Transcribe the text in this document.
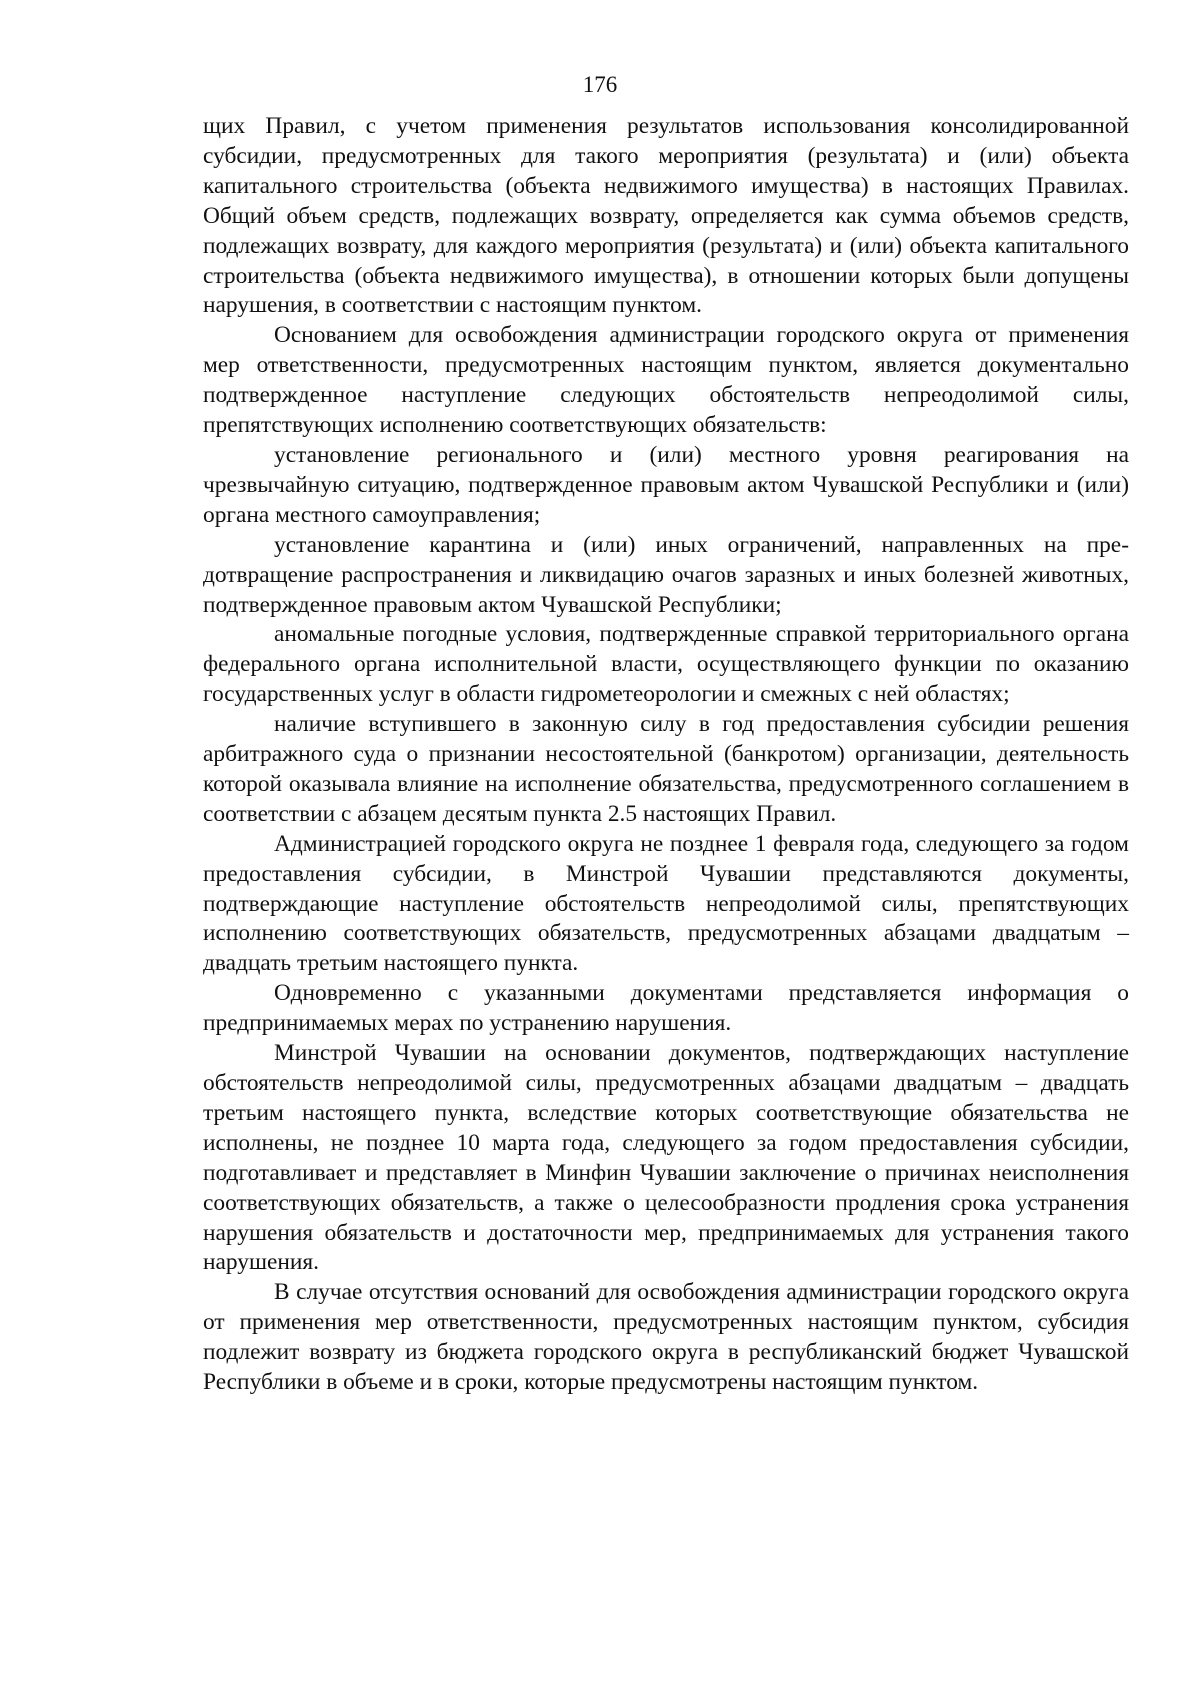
176

щих Правил, с учетом применения результатов использования консолидированной субсидии, предусмотренных для такого мероприятия (результата) и (или) объекта капитального строительства (объекта недвижимого имущества) в настоящих Правилах. Общий объем средств, подлежащих возврату, определяется как сумма объемов средств, подлежащих возврату, для каждого мероприятия (результата) и (или) объекта капитального строительства (объекта недвижимого имущества), в отношении которых были допущены нарушения, в соответствии с настоящим пунктом.

Основанием для освобождения администрации городского округа от применения мер ответственности, предусмотренных настоящим пунктом, является документально подтвержденное наступление следующих обстоятельств непреодолимой силы, препятствующих исполнению соответствующих обязательств:

установление регионального и (или) местного уровня реагирования на чрезвычайную ситуацию, подтвержденное правовым актом Чувашской Республики и (или) органа местного самоуправления;

установление карантина и (или) иных ограничений, направленных на предотвращение распространения и ликвидацию очагов заразных и иных болезней животных, подтвержденное правовым актом Чувашской Республики;

аномальные погодные условия, подтвержденные справкой территориального органа федерального органа исполнительной власти, осуществляющего функции по оказанию государственных услуг в области гидрометеорологии и смежных с ней областях;

наличие вступившего в законную силу в год предоставления субсидии решения арбитражного суда о признании несостоятельной (банкротом) организации, деятельность которой оказывала влияние на исполнение обязательства, предусмотренного соглашением в соответствии с абзацем десятым пункта 2.5 настоящих Правил.

Администрацией городского округа не позднее 1 февраля года, следующего за годом предоставления субсидии, в Минстрой Чувашии представляются документы, подтверждающие наступление обстоятельств непреодолимой силы, препятствующих исполнению соответствующих обязательств, предусмотренных абзацами двадцатым – двадцать третьим настоящего пункта.

Одновременно с указанными документами представляется информация о предпринимаемых мерах по устранению нарушения.

Минстрой Чувашии на основании документов, подтверждающих наступление обстоятельств непреодолимой силы, предусмотренных абзацами двадцатым – двадцать третьим настоящего пункта, вследствие которых соответствующие обязательства не исполнены, не позднее 10 марта года, следующего за годом предоставления субсидии, подготавливает и представляет в Минфин Чувашии заключение о причинах неисполнения соответствующих обязательств, а также о целесообразности продления срока устранения нарушения обязательств и достаточности мер, предпринимаемых для устранения такого нарушения.

В случае отсутствия оснований для освобождения администрации городского округа от применения мер ответственности, предусмотренных настоящим пунктом, субсидия подлежит возврату из бюджета городского округа в республиканский бюджет Чувашской Республики в объеме и в сроки, которые предусмотрены настоящим пунктом.
